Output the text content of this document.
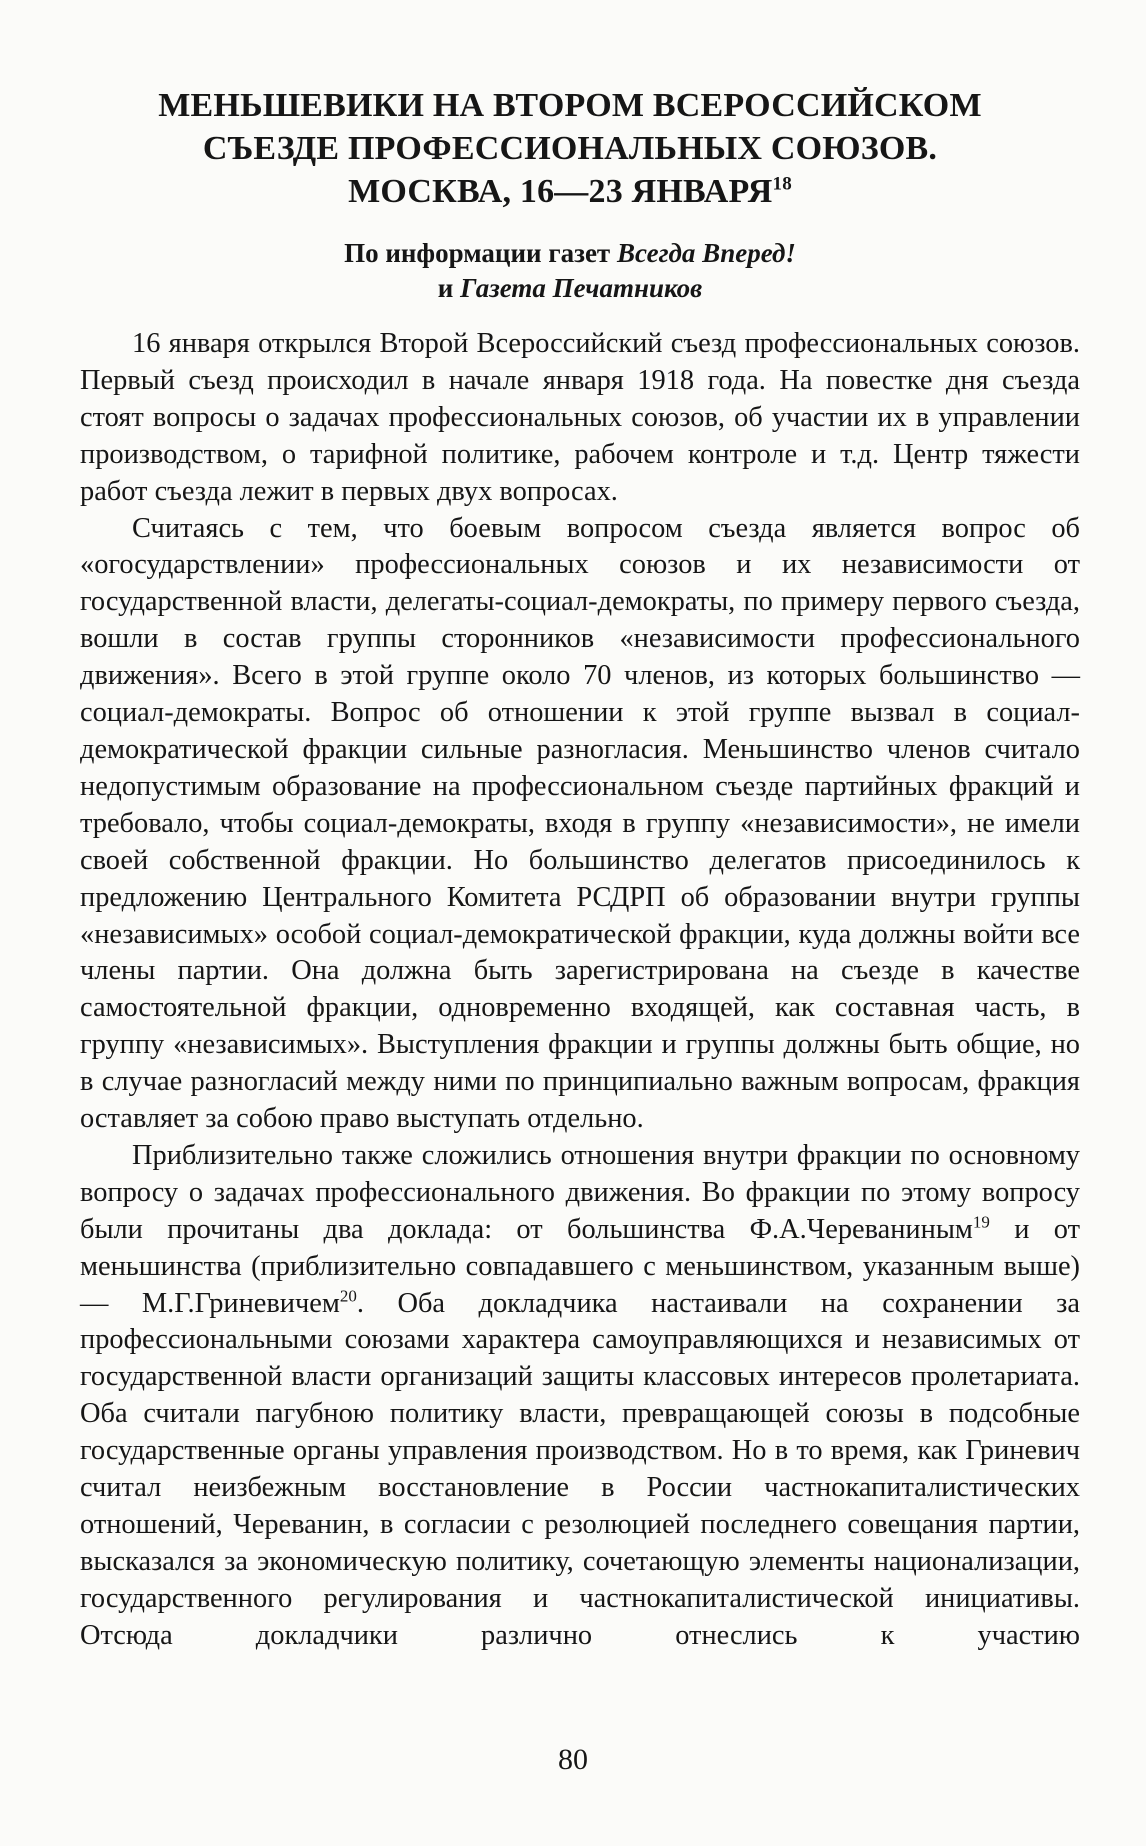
МЕНЬШЕВИКИ НА ВТОРОМ ВСЕРОССИЙСКОМ
СЪЕЗДЕ ПРОФЕССИОНАЛЬНЫХ СОЮЗОВ.
МОСКВА, 16—23 ЯНВАРЯ$^{18}$
По информации газет Всегда Вперед!
и Газета Печатников

16 января открылся Второй Всероссийский съезд профессиональных союзов. Первый съезд происходил в начале января 1918 года. На повестке дня съезда стоят вопросы о задачах профессиональных союзов, об участии их в управлении производством, о тарифной политике, рабочем контроле и т.д. Центр тяжести работ съезда лежит в первых двух вопросах.

Считаясь с тем, что боевым вопросом съезда является вопрос об «огосударствлении» профессиональных союзов и их независимости от государственной власти, делегаты-социал-демократы, по примеру первого съезда, вошли в состав группы сторонников «независимости профессионального движения». Всего в этой группе около 70 членов, из которых большинство — социал-демократы. Вопрос об отношении к этой группе вызвал в социал-демократической фракции сильные разногласия. Меньшинство членов считало недопустимым образование на профессиональном съезде партийных фракций и требовало, чтобы социал-демократы, входя в группу «независимости», не имели своей собственной фракции. Но большинство делегатов присоединилось к предложению Центрального Комитета РСДРП об образовании внутри группы «независимых» особой социал-демократической фракции, куда должны войти все члены партии. Она должна быть зарегистрирована на съезде в качестве самостоятельной фракции, одновременно входящей, как составная часть, в группу «независимых». Выступления фракции и группы должны быть общие, но в случае разногласий между ними по принципиально важным вопросам, фракция оставляет за собою право выступать отдельно.

Приблизительно также сложились отношения внутри фракции по основному вопросу о задачах профессионального движения. Во фракции по этому вопросу были прочитаны два доклада: от большинства Ф.А.Череваниным$^{19}$ и от меньшинства (приблизительно совпадавшего с меньшинством, указанным выше) — М.Г.Гриневичем$^{20}$. Оба докладчика настаивали на сохранении за профессиональными союзами характера самоуправляющихся и независимых от государственной власти организаций защиты классовых интересов пролетариата. Оба считали пагубною политику власти, превращающей союзы в подсобные государственные органы управления производством. Но в то время, как Гриневич считал неизбежным восстановление в России частнокапиталистических отношений, Череванин, в согласии с резолюцией последнего совещания партии, высказался за экономическую политику, сочетающую элементы национализации, государственного регулирования и частнокапиталистической инициативы. Отсюда докладчики различно отнеслись к участию

80
